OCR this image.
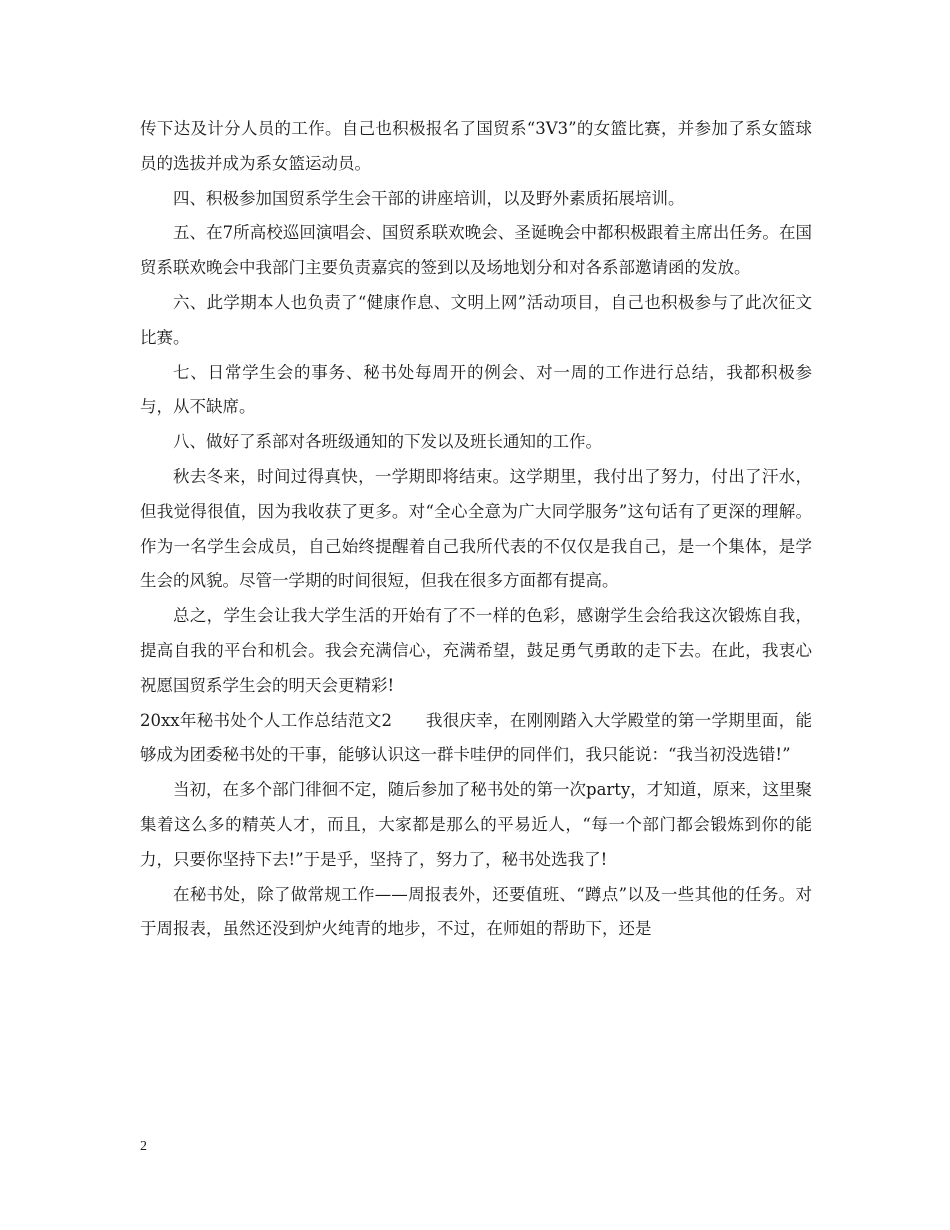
传下达及计分人员的工作。自己也积极报名了国贸系“3V3”的女篮比赛，并参加了系女篮球员的选拔并成为系女篮运动员。

四、积极参加国贸系学生会干部的讲座培训，以及野外素质拓展培训。

五、在7所高校巡回演唱会、国贸系联欢晚会、圣诞晚会中都积极跟着主席出任务。在国贸系联欢晚会中我部门主要负责嘉宾的签到以及场地划分和对各系部邀请函的发放。

六、此学期本人也负责了“健康作息、文明上网”活动项目，自己也积极参与了此次征文比赛。

七、日常学生会的事务、秘书处每周开的例会、对一周的工作进行总结，我都积极参与，从不缺席。

八、做好了系部对各班级通知的下发以及班长通知的工作。

秋去冬来，时间过得真快，一学期即将结束。这学期里，我付出了努力，付出了汗水，但我觉得很值，因为我收获了更多。对“全心全意为广大同学服务”这句话有了更深的理解。作为一名学生会成员，自己始终提醒着自己我所代表的不仅仅是我自己，是一个集体，是学生会的风貌。尽管一学期的时间很短，但我在很多方面都有提高。

总之，学生会让我大学生活的开始有了不一样的色彩，感谢学生会给我这次锻炼自我，提高自我的平台和机会。我会充满信心，充满希望，鼓足勇气勇敢的走下去。在此，我衷心祝愿国贸系学生会的明天会更精彩!

20xx年秘书处个人工作总结范文2　　我很庆幸，在刚刚踏入大学殿堂的第一学期里面，能够成为团委秘书处的干事，能够认识这一群卡哇伊的同伴们，我只能说：“我当初没选错!”

当初，在多个部门徘徊不定，随后参加了秘书处的第一次party，才知道，原来，这里聚集着这么多的精英人才，而且，大家都是那么的平易近人，“每一个部门都会锻炼到你的能力，只要你坚持下去!”于是乎，坚持了，努力了，秘书处选我了!

在秘书处，除了做常规工作——周报表外，还要值班、“蹲点”以及一些其他的任务。对于周报表，虽然还没到炉火纯青的地步，不过，在师姐的帮助下，还是

2
